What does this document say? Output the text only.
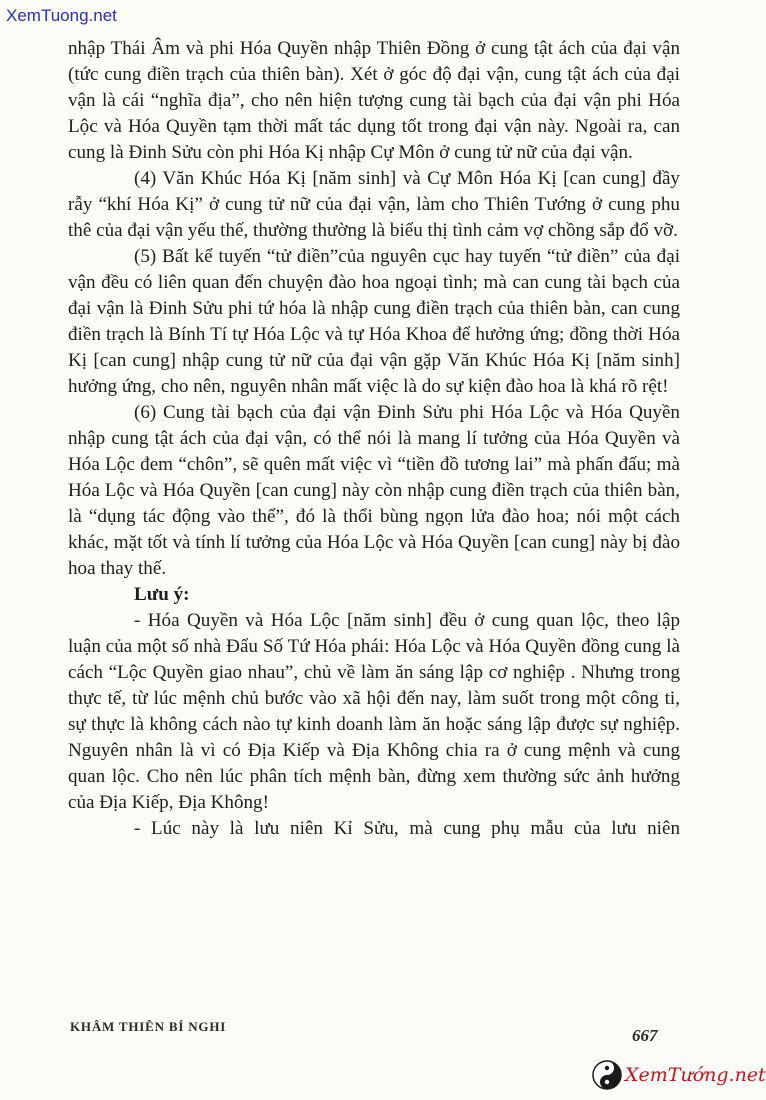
XemTuong.net

nhập Thái Âm và phi Hóa Quyền nhập Thiên Đồng ở cung tật ách của đại vận (tức cung điền trạch của thiên bàn). Xét ở góc độ đại vận, cung tật ách của đại vận là cái “nghĩa địa”, cho nên hiện tượng cung tài bạch của đại vận phi Hóa Lộc và Hóa Quyền tạm thời mất tác dụng tốt trong đại vận này. Ngoài ra, can cung là Đinh Sửu còn phi Hóa Kị nhập Cự Môn ở cung tử nữ của đại vận.

(4) Văn Khúc Hóa Kị [năm sinh] và Cự Môn Hóa Kị [can cung] đầy rẫy “khí Hóa Kị” ở cung tử nữ của đại vận, làm cho Thiên Tướng ở cung phu thê của đại vận yếu thế, thường thường là biểu thị tình cảm vợ chồng sắp đổ vỡ.

(5) Bất kể tuyến “tử điền”của nguyên cục hay tuyến “tử điền” của đại vận đều có liên quan đến chuyện đào hoa ngoại tình; mà can cung tài bạch của đại vận là Đinh Sửu phi tứ hóa là nhập cung điền trạch của thiên bàn, can cung điền trạch là Bính Tí tự Hóa Lộc và tự Hóa Khoa để hưởng ứng; đồng thời Hóa Kị [can cung] nhập cung tử nữ của đại vận gặp Văn Khúc Hóa Kị [năm sinh] hưởng ứng, cho nên, nguyên nhân mất việc là do sự kiện đào hoa là khá rõ rệt!

(6) Cung tài bạch của đại vận Đinh Sửu phi Hóa Lộc và Hóa Quyền nhập cung tật ách của đại vận, có thể nói là mang lí tưởng của Hóa Quyền và Hóa Lộc đem “chôn”, sẽ quên mất việc vì “tiền đồ tương lai” mà phấn đấu; mà Hóa Lộc và Hóa Quyền [can cung] này còn nhập cung điền trạch của thiên bàn, là “dụng tác động vào thể”, đó là thổi bùng ngọn lửa đào hoa; nói một cách khác, mặt tốt và tính lí tưởng của Hóa Lộc và Hóa Quyền [can cung] này bị đào hoa thay thế.

Lưu ý:

- Hóa Quyền và Hóa Lộc [năm sinh] đều ở cung quan lộc, theo lập luận của một số nhà Đẩu Số Tứ Hóa phái: Hóa Lộc và Hóa Quyền đồng cung là cách “Lộc Quyền giao nhau”, chủ về làm ăn sáng lập cơ nghiệp . Nhưng trong thực tế, từ lúc mệnh chủ bước vào xã hội đến nay, làm suốt trong một công ti, sự thực là không cách nào tự kinh doanh làm ăn hoặc sáng lập được sự nghiệp. Nguyên nhân là vì có Địa Kiếp và Địa Không chia ra ở cung mệnh và cung quan lộc. Cho nên lúc phân tích mệnh bàn, đừng xem thường sức ảnh hưởng của Địa Kiếp, Địa Không!

- Lúc này là lưu niên Kỉ Sửu, mà cung phụ mẫu của lưu niên

KHÂM THIÊN BÍ NGHI	667
XemTướng.net
